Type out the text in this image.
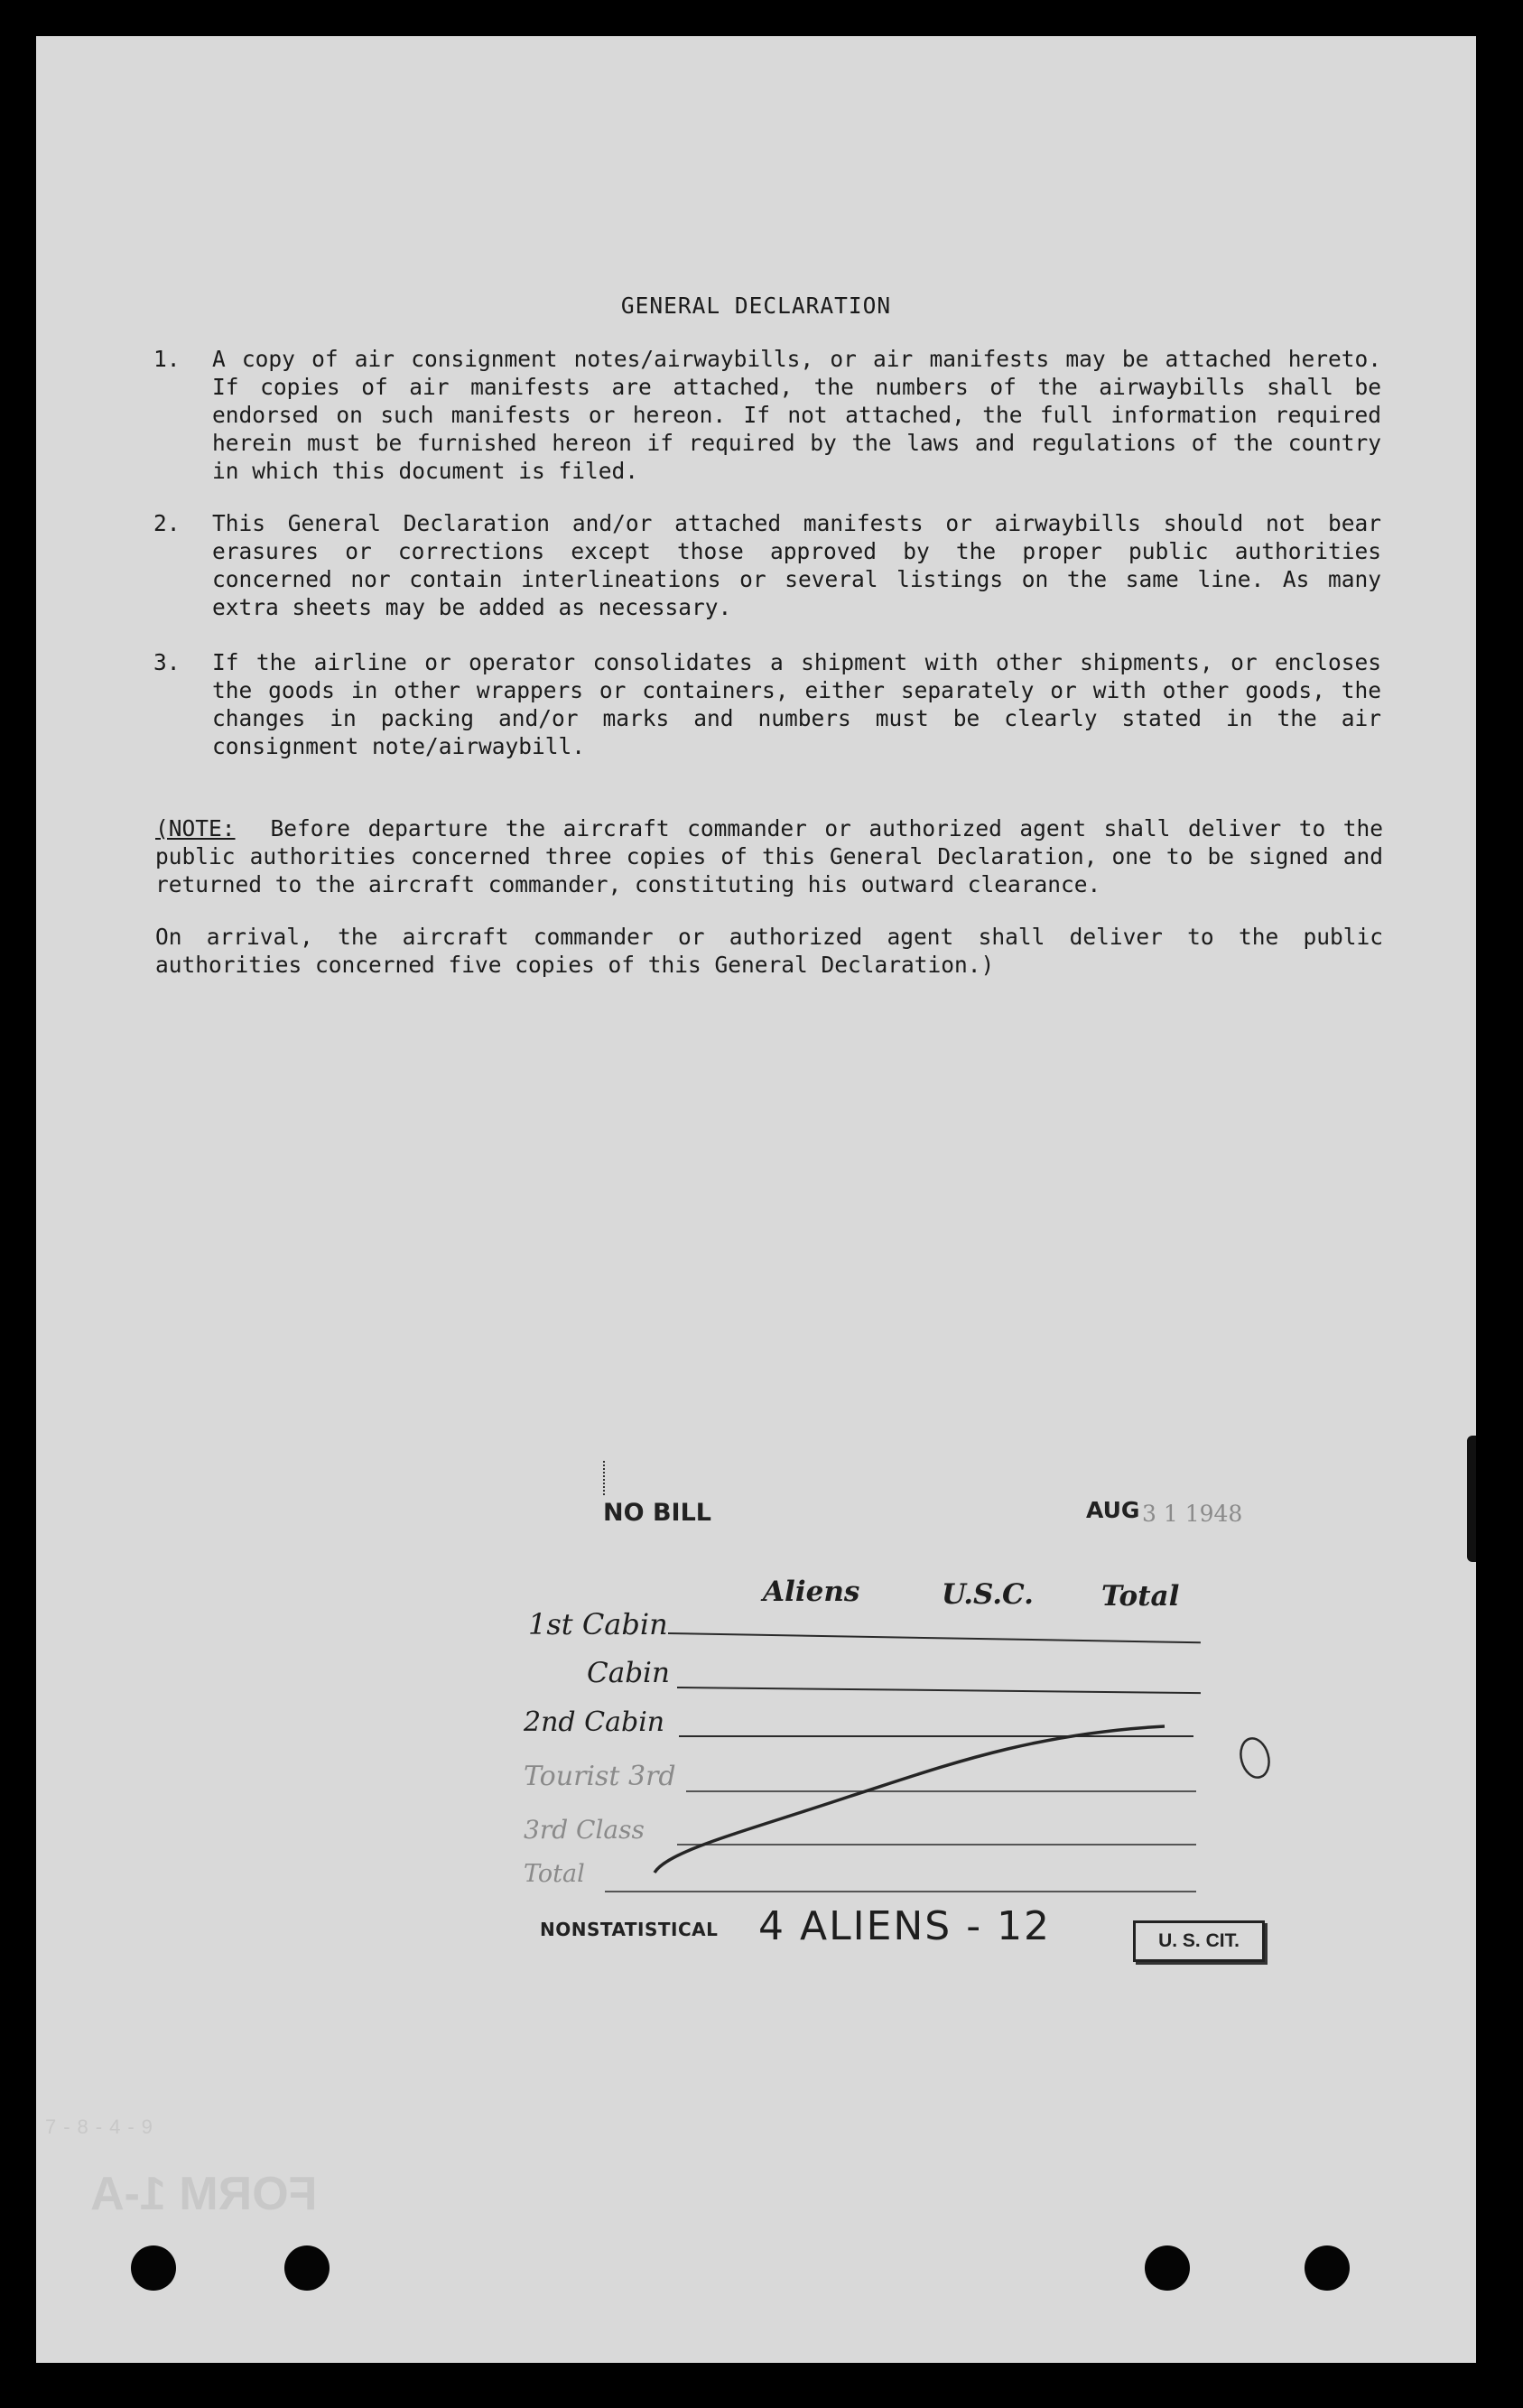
GENERAL DECLARATION
1.	A copy of air consignment notes/airwaybills, or air manifests may be attached hereto. If copies of air manifests are attached, the numbers of the airwaybills shall be endorsed on such manifests or hereon. If not attached, the full information required herein must be furnished hereon if required by the laws and regulations of the country in which this document is filed.
2.	This General Declaration and/or attached manifests or airwaybills should not bear erasures or corrections except those approved by the proper public authorities concerned nor contain interlineations or several listings on the same line. As many extra sheets may be added as necessary.
3.	If the airline or operator consolidates a shipment with other shipments, or encloses the goods in other wrappers or containers, either separately or with other goods, the changes in packing and/or marks and numbers must be clearly stated in the air consignment note/airwaybill.
(NOTE: Before departure the aircraft commander or authorized agent shall deliver to the public authorities concerned three copies of this General Declaration, one to be signed and returned to the aircraft commander, constituting his outward clearance.
On arrival, the aircraft commander or authorized agent shall deliver to the public authorities concerned five copies of this General Declaration.)
FORM 1-A
7-8-4-9
NO BILL	AUG 3 1 1948
Aliens	U.S.C. Total
1st Cabin
Cabin
2nd Cabin
Tourist 3rd
3rd Class
Total
NONSTATISTICAL 4 ALIENS - 12	U. S. CIT.
